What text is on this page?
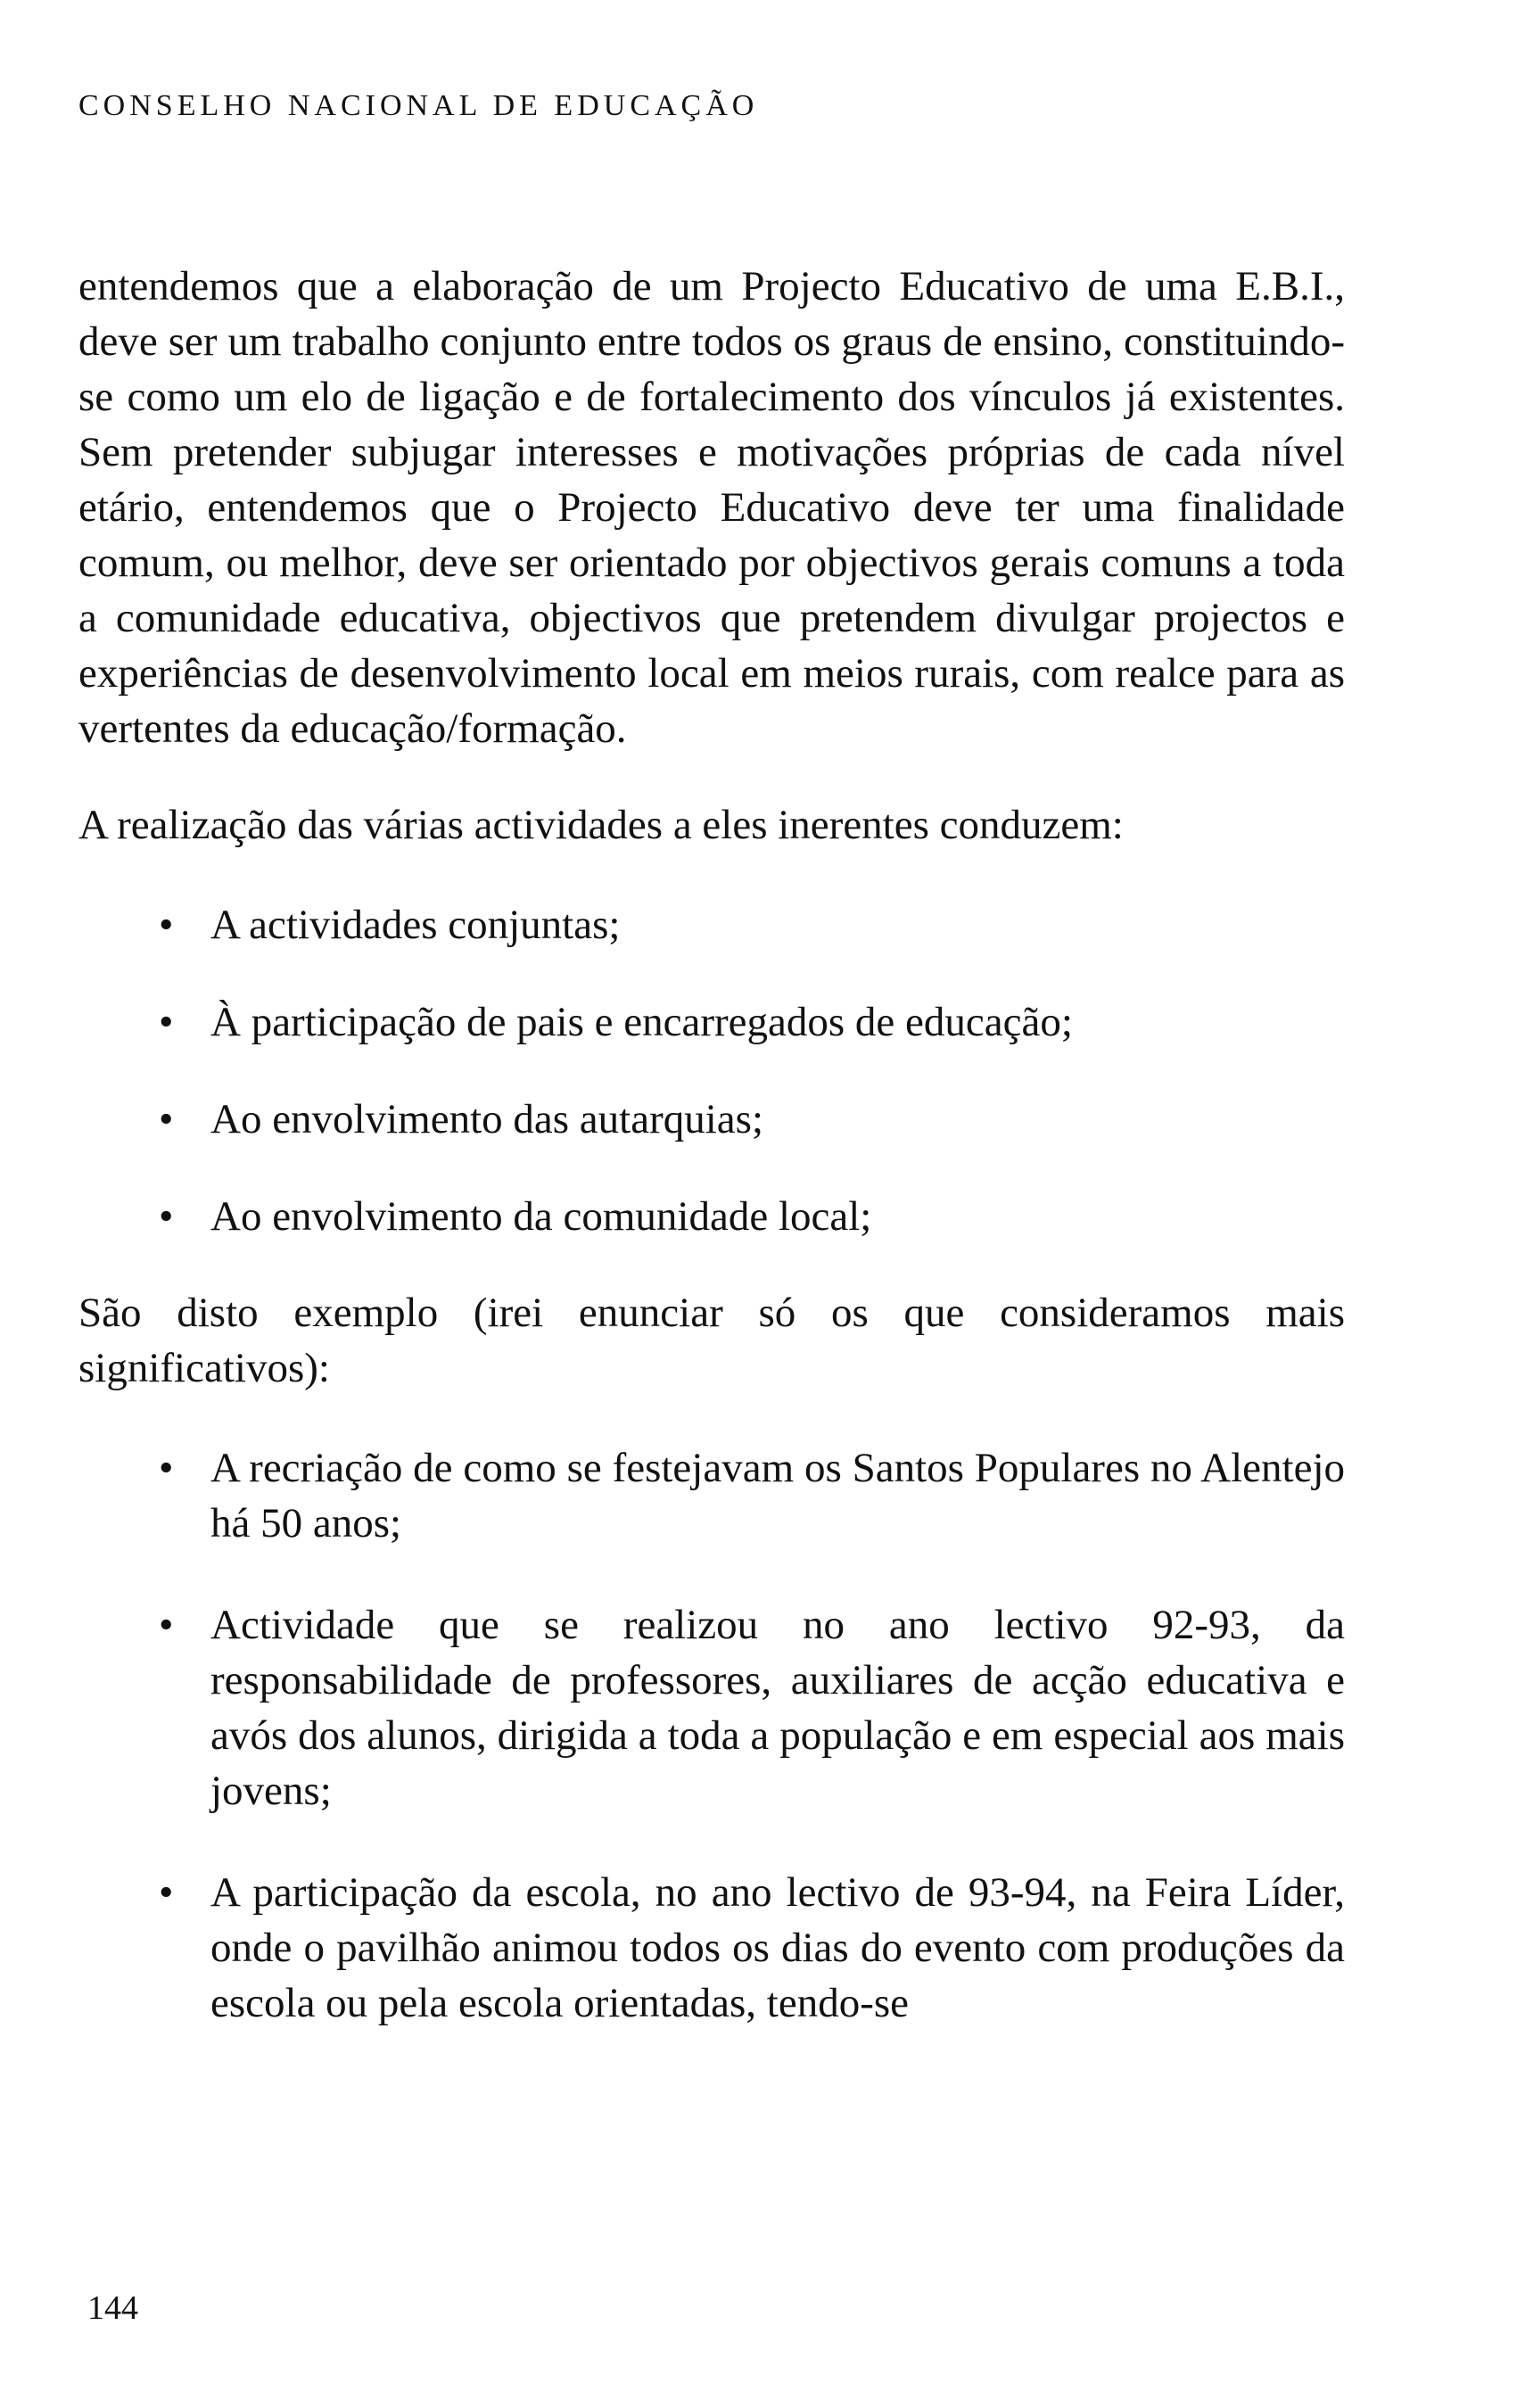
CONSELHO NACIONAL DE EDUCAÇÃO

entendemos que a elaboração de um Projecto Educativo de uma E.B.I., deve ser um trabalho conjunto entre todos os graus de ensino, constituindo-se como um elo de ligação e de fortalecimento dos vínculos já existentes. Sem pretender subjugar interesses e motivações próprias de cada nível etário, entendemos que o Projecto Educativo deve ter uma finalidade comum, ou melhor, deve ser orientado por objectivos gerais comuns a toda a comunidade educativa, objectivos que pretendem divulgar projectos e experiências de desenvolvimento local em meios rurais, com realce para as vertentes da educação/formação.

A realização das várias actividades a eles inerentes conduzem:

• A actividades conjuntas;
• À participação de pais e encarregados de educação;
• Ao envolvimento das autarquias;
• Ao envolvimento da comunidade local;

São disto exemplo (irei enunciar só os que consideramos mais significativos):

• A recriação de como se festejavam os Santos Populares no Alentejo há 50 anos;
• Actividade que se realizou no ano lectivo 92-93, da responsabilidade de professores, auxiliares de acção educativa e avós dos alunos, dirigida a toda a população e em especial aos mais jovens;
• A participação da escola, no ano lectivo de 93-94, na Feira Líder, onde o pavilhão animou todos os dias do evento com produções da escola ou pela escola orientadas, tendo-se
144
